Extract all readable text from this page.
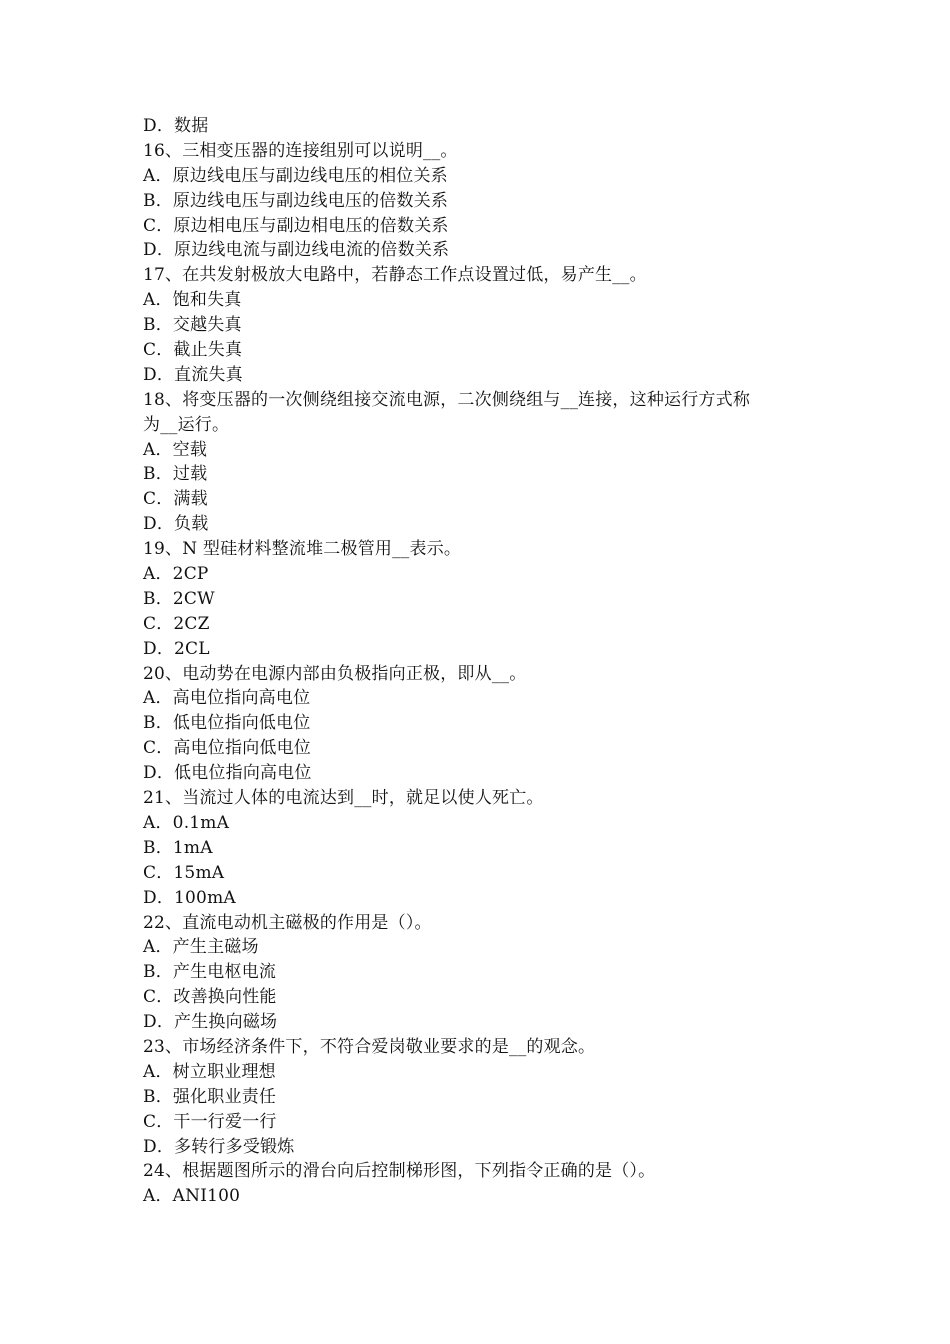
D．数据
16、三相变压器的连接组别可以说明__。
A．原边线电压与副边线电压的相位关系
B．原边线电压与副边线电压的倍数关系
C．原边相电压与副边相电压的倍数关系
D．原边线电流与副边线电流的倍数关系
17、在共发射极放大电路中，若静态工作点设置过低，易产生__。
A．饱和失真
B．交越失真
C．截止失真
D．直流失真
18、将变压器的一次侧绕组接交流电源，二次侧绕组与__连接，这种运行方式称
为__运行。
A．空载
B．过载
C．满载
D．负载
19、N 型硅材料整流堆二极管用__表示。
A．2CP
B．2CW
C．2CZ
D．2CL
20、电动势在电源内部由负极指向正极，即从__。
A．高电位指向高电位
B．低电位指向低电位
C．高电位指向低电位
D．低电位指向高电位
21、当流过人体的电流达到__时，就足以使人死亡。
A．0.1mA
B．1mA
C．15mA
D．100mA
22、直流电动机主磁极的作用是（）。
A．产生主磁场
B．产生电枢电流
C．改善换向性能
D．产生换向磁场
23、市场经济条件下，不符合爱岗敬业要求的是__的观念。
A．树立职业理想
B．强化职业责任
C．干一行爱一行
D．多转行多受锻炼
24、根据题图所示的滑台向后控制梯形图，下列指令正确的是（）。
A．ANI100
